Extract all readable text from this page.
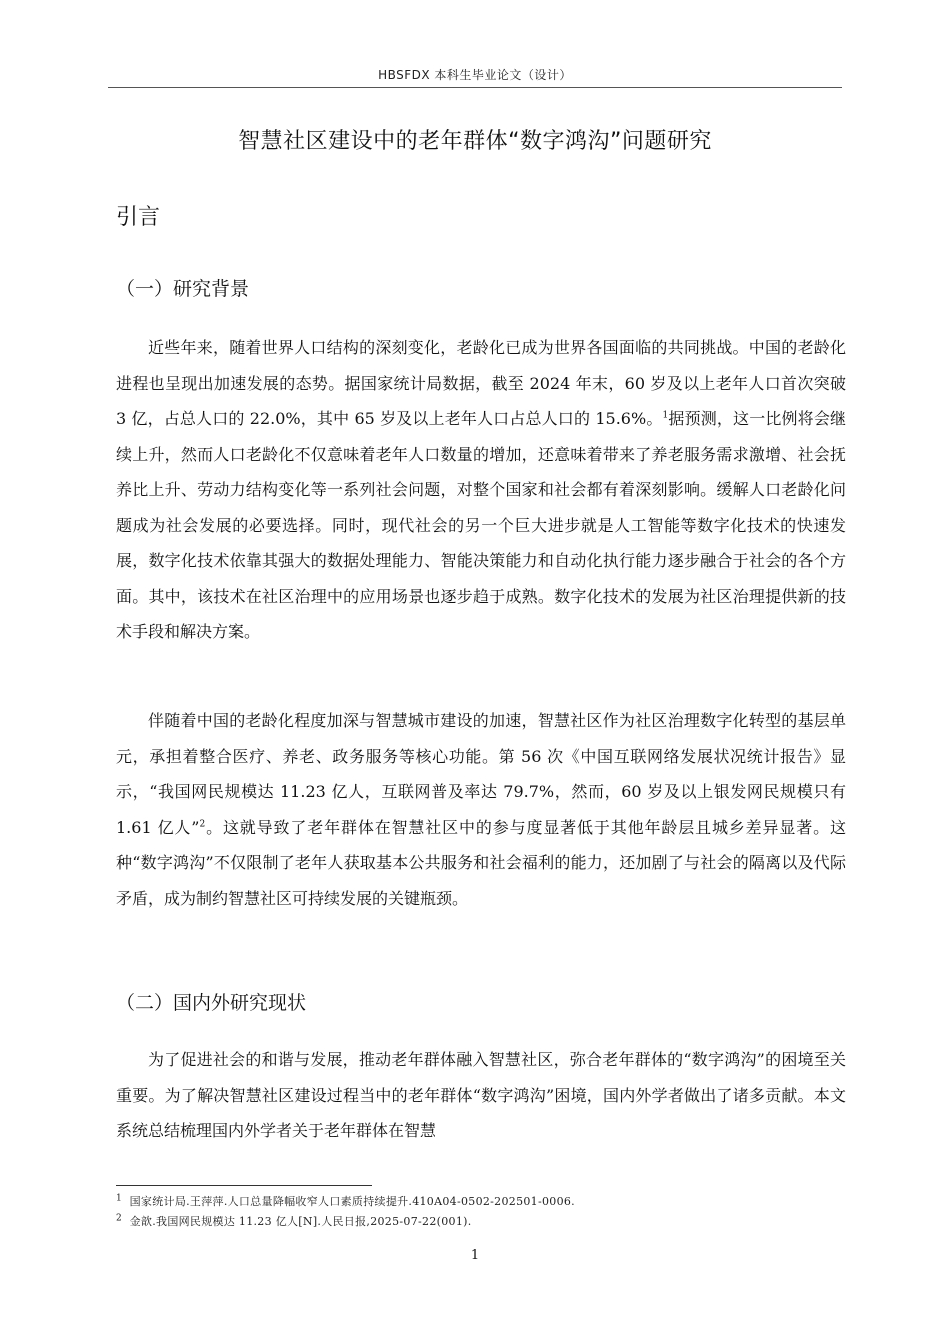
HBSFDX 本科生毕业论文（设计）
智慧社区建设中的老年群体“数字鸿沟”问题研究
引言
（一）研究背景

近些年来，随着世界人口结构的深刻变化，老龄化已成为世界各国面临的共同挑战。中国的老龄化进程也呈现出加速发展的态势。据国家统计局数据，截至 2024 年末，60 岁及以上老年人口首次突破 3 亿，占总人口的 22.0%，其中 65 岁及以上老年人口占总人口的 15.6%。$^1$据预测，这一比例将会继续上升，然而人口老龄化不仅意味着老年人口数量的增加，还意味着带来了养老服务需求激增、社会抚养比上升、劳动力结构变化等一系列社会问题，对整个国家和社会都有着深刻影响。缓解人口老龄化问题成为社会发展的必要选择。同时，现代社会的另一个巨大进步就是人工智能等数字化技术的快速发展，数字化技术依靠其强大的数据处理能力、智能决策能力和自动化执行能力逐步融合于社会的各个方面。其中，该技术在社区治理中的应用场景也逐步趋于成熟。数字化技术的发展为社区治理提供新的技术手段和解决方案。

伴随着中国的老龄化程度加深与智慧城市建设的加速，智慧社区作为社区治理数字化转型的基层单元，承担着整合医疗、养老、政务服务等核心功能。第 56 次《中国互联网络发展状况统计报告》显示，“我国网民规模达 11.23 亿人，互联网普及率达 79.7%，然而，60 岁及以上银发网民规模只有 1.61 亿人”$^2$。这就导致了老年群体在智慧社区中的参与度显著低于其他年龄层且城乡差异显著。这种“数字鸿沟”不仅限制了老年人获取基本公共服务和社会福利的能力，还加剧了与社会的隔离以及代际矛盾，成为制约智慧社区可持续发展的关键瓶颈。

（二）国内外研究现状

为了促进社会的和谐与发展，推动老年群体融入智慧社区，弥合老年群体的“数字鸿沟”的困境至关重要。为了解决智慧社区建设过程当中的老年群体“数字鸿沟”困境，国内外学者做出了诸多贡献。本文系统总结梳理国内外学者关于老年群体在智慧

$^1$ 国家统计局.王萍萍.人口总量降幅收窄人口素质持续提升.410A04-0502-202501-0006.
$^2$ 金歆.我国网民规模达 11.23 亿人[N].人民日报,2025-07-22(001).
1
